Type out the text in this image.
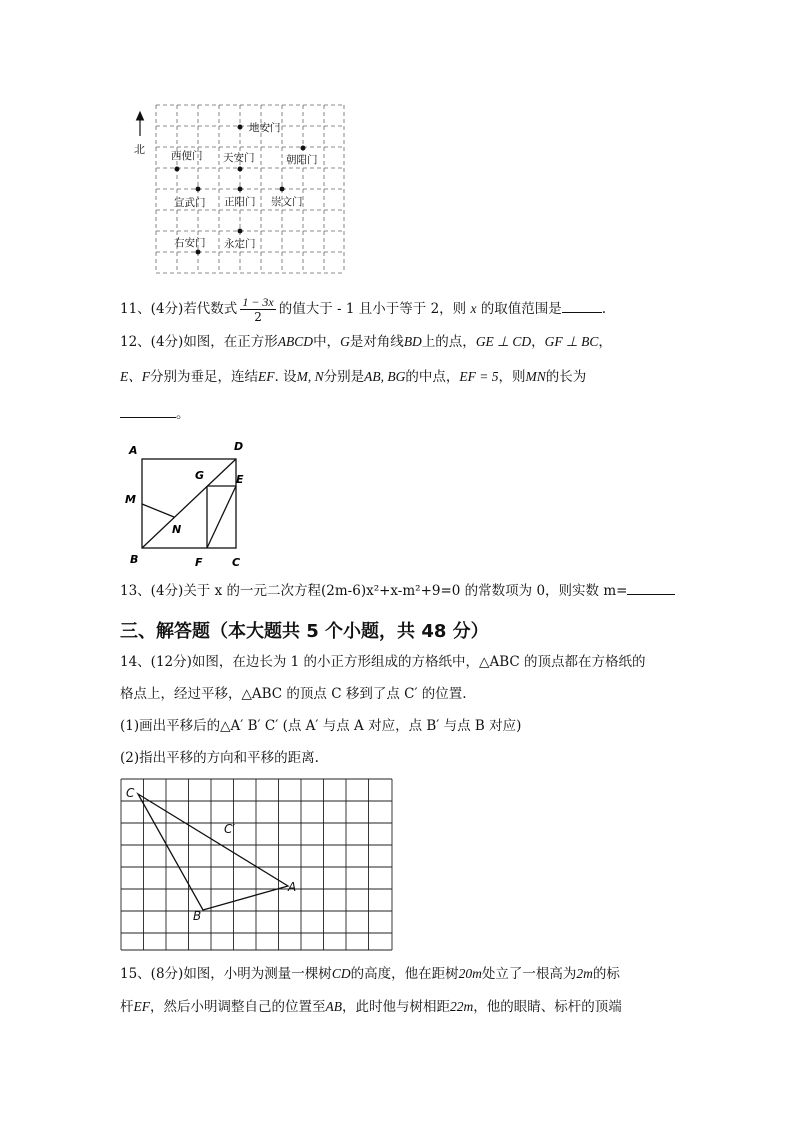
北
地安门
西便门 天安门	朝阳门
宣武门 正阳门 崇文门
右安门 永定门
11、(4分)若代数式 $\frac{1 - 3x}{2}$ 的值大于 - 1 且小于等于 2，则 x 的取值范围是	.
12、(4分)如图，在正方形ABCD中，G是对角线BD上的点，GE ⊥ CD，GF ⊥ BC，
E、F分别为垂足，连结EF. 设M, N分别是AB, BG的中点，EF = 5，则MN的长为
。
A	D
G	E
M
N
B	F	C
13、(4分)关于 x 的一元二次方程(2m-6)x²+x-m²+9=0 的常数项为 0，则实数 m=
三、解答题（本大题共 5 个小题，共 48 分）
14、(12分)如图，在边长为 1 的小正方形组成的方格纸中，△ABC 的顶点都在方格纸的
格点上，经过平移，△ABC 的顶点 C 移到了点 C′ 的位置.
(1)画出平移后的△A′ B′ C′ (点 A′ 与点 A 对应，点 B′ 与点 B 对应)
(2)指出平移的方向和平移的距离.
C
C′
A
B
15、(8分)如图，小明为测量一棵树CD的高度，他在距树20m处立了一根高为2m的标
杆EF，然后小明调整自己的位置至AB，此时他与树相距22m，他的眼睛、标杆的顶端
